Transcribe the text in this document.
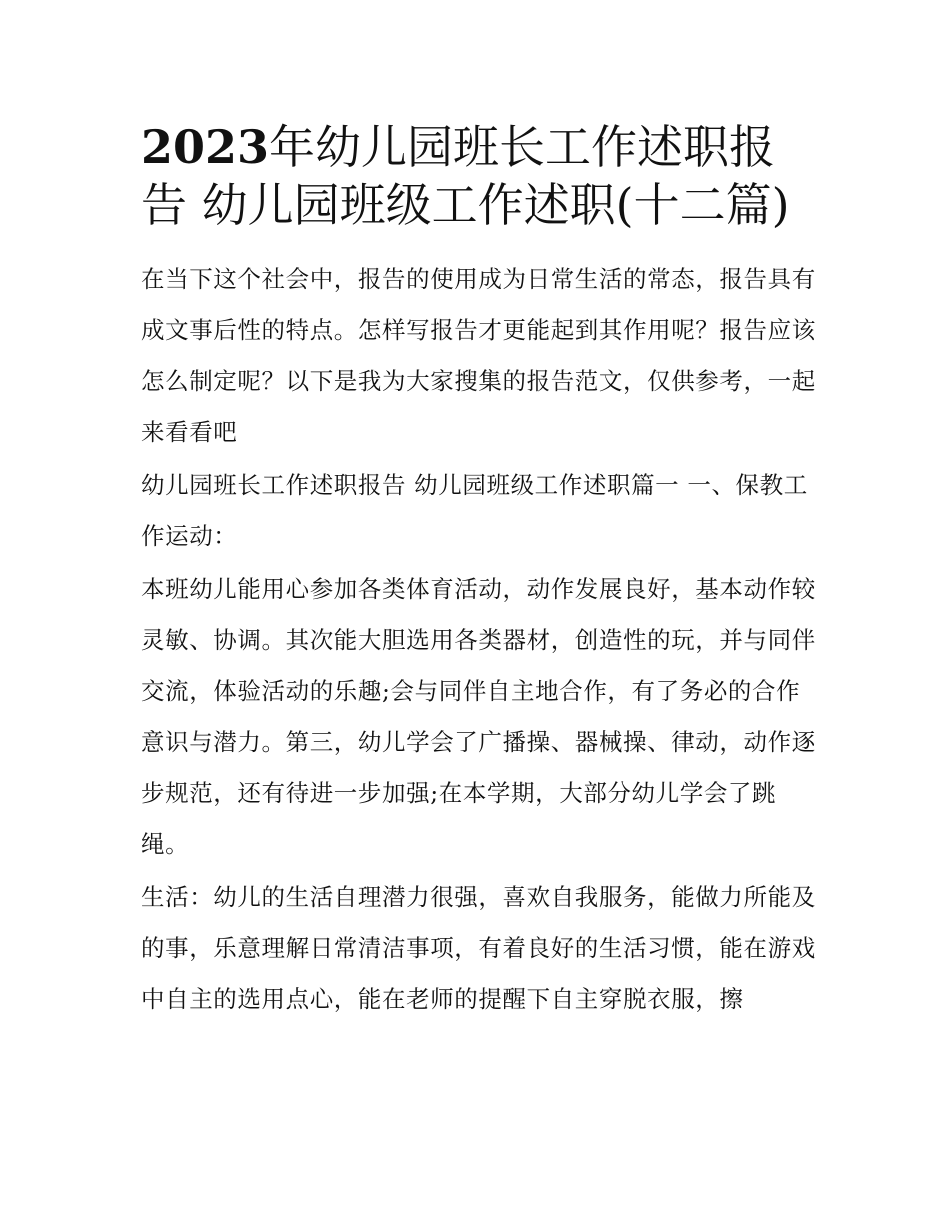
2023年幼儿园班长工作述职报告 幼儿园班级工作述职(十二篇)

在当下这个社会中，报告的使用成为日常生活的常态，报告具有成文事后性的特点。怎样写报告才更能起到其作用呢？报告应该怎么制定呢？以下是我为大家搜集的报告范文，仅供参考，一起来看看吧

幼儿园班长工作述职报告 幼儿园班级工作述职篇一 一、保教工作运动：

本班幼儿能用心参加各类体育活动，动作发展良好，基本动作较灵敏、协调。其次能大胆选用各类器材，创造性的玩，并与同伴交流，体验活动的乐趣;会与同伴自主地合作，有了务必的合作意识与潜力。第三，幼儿学会了广播操、器械操、律动，动作逐步规范，还有待进一步加强;在本学期，大部分幼儿学会了跳绳。

生活：幼儿的生活自理潜力很强，喜欢自我服务，能做力所能及的事，乐意理解日常清洁事项，有着良好的生活习惯，能在游戏中自主的选用点心，能在老师的提醒下自主穿脱衣服，擦
